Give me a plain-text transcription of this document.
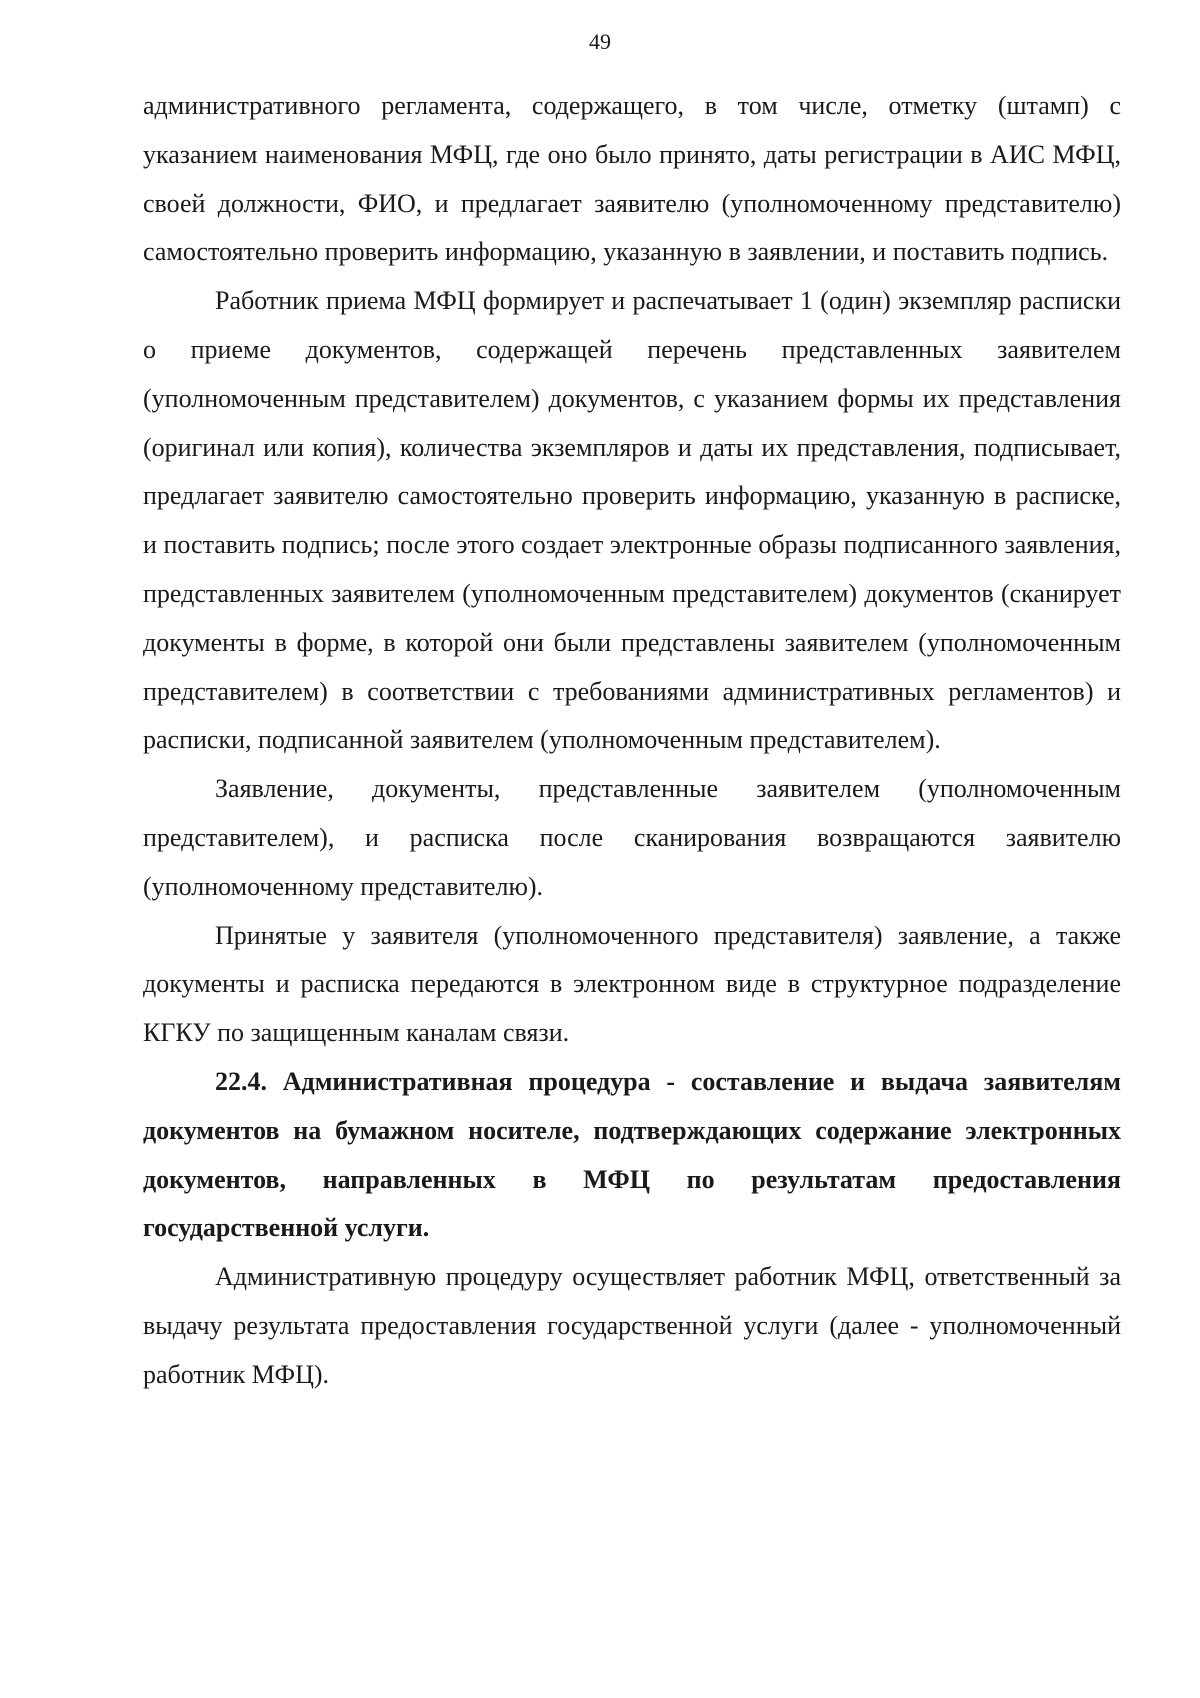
49

административного регламента, содержащего, в том числе, отметку (штамп) с указанием наименования МФЦ, где оно было принято, даты регистрации в АИС МФЦ, своей должности, ФИО, и предлагает заявителю (уполномоченному представителю) самостоятельно проверить информацию, указанную в заявлении, и поставить подпись.

Работник приема МФЦ формирует и распечатывает 1 (один) экземпляр расписки о приеме документов, содержащей перечень представленных заявителем (уполномоченным представителем) документов, с указанием формы их представления (оригинал или копия), количества экземпляров и даты их представления, подписывает, предлагает заявителю самостоятельно проверить информацию, указанную в расписке, и поставить подпись; после этого создает электронные образы подписанного заявления, представленных заявителем (уполномоченным представителем) документов (сканирует документы в форме, в которой они были представлены заявителем (уполномоченным представителем) в соответствии с требованиями административных регламентов) и расписки, подписанной заявителем (уполномоченным представителем).

Заявление, документы, представленные заявителем (уполномоченным представителем), и расписка после сканирования возвращаются заявителю (уполномоченному представителю).

Принятые у заявителя (уполномоченного представителя) заявление, а также документы и расписка передаются в электронном виде в структурное подразделение КГКУ по защищенным каналам связи.

22.4. Административная процедура - составление и выдача заявителям документов на бумажном носителе, подтверждающих содержание электронных документов, направленных в МФЦ по результатам предоставления государственной услуги.

Административную процедуру осуществляет работник МФЦ, ответственный за выдачу результата предоставления государственной услуги (далее - уполномоченный работник МФЦ).
